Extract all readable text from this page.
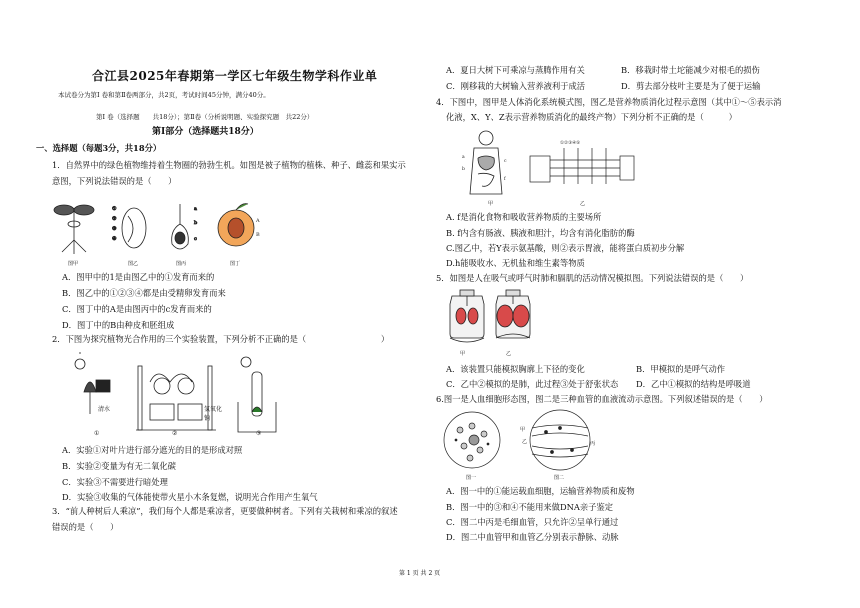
合江县2025年春期第一学区七年级生物学科作业单
本试卷分为第Ⅰ 卷和第Ⅱ卷两部分，共2页，考试时间45分钟，满分40分。
第Ⅰ 卷（选择题　　共18分）；第Ⅱ卷（分析说明题、实验探究题　共22分）
第Ⅰ部分（选择题共18分）
一、选择题（每题3分，共18分）
1．自然界中的绿色植物维持着生物圈的勃勃生机。如图是被子植物的植株、种子、雌蕊和果实示
意图，下列说法错误的是（　　）
①
②
③
④
a
b
c
A
B
图甲	图乙	图丙	图丁
A．图甲中的1是由图乙中的①发育而来的
B．图乙中的①②③④都是由受精卵发育而来
C．图丁中的A是由图丙中的c发育而来的
D．图丁中的B由种皮和胚组成
2．下图为探究植物光合作用的三个实验装置，下列分析不正确的是（　　　　　　　　　）
清水	氢氧化钠
①	②	③
A．实验①对叶片进行部分遮光的目的是形成对照
B．实验②变量为有无二氧化碳
C．实验③不需要进行暗处理
D．实验③收集的气体能使带火星小木条复燃，说明光合作用产生氧气
3．“前人种树后人乘凉”，我们每个人都是乘凉者，更要做种树者。下列有关栽树和乘凉的叙述
错误的是（　　）
A．夏日大树下可乘凉与蒸腾作用有关	B．移栽时带土坨能减少对根毛的损伤
C．刚移栽的大树输入营养液利于成活	D．剪去部分枝叶主要是为了便于运输
4．下图中，图甲是人体消化系统模式图，图乙是营养物质消化过程示意图（其中①～⑤表示消
化液，X、Y、Z表示营养物质消化的最终产物）下列分析不正确的是（　　　）
a
b
c
f
①②③④⑤
甲	乙
A. f是消化食物和吸收营养物质的主要场所
B. f内含有肠液、胰液和胆汁，均含有消化脂肪的酶
C.图乙中，若Y表示氨基酸，则②表示胃液，能将蛋白质初步分解
D.h能吸收水、无机盐和维生素等物质
5．如图是人在吸气或呼气时肺和膈肌的活动情况模拟图。下列说法错误的是（　　）
甲	乙
A．该装置只能模拟胸廓上下径的变化	B．甲模拟的是呼气动作
C．乙中②模拟的是肺，此过程③处于舒张状态 D．乙中①模拟的结构是呼吸道
6.图一是人血细胞形态图，图二是三种血管的血液流动示意图。下列叙述错误的是（　　）
图一	图二
甲
乙	丙
A．图一中的①能运载血细胞，运输营养物质和废物
B．图一中的③和④不能用来做DNA亲子鉴定
C．图二中丙是毛细血管，只允许②呈单行通过
D．图二中血管甲和血管乙分别表示静脉、动脉
第 1 页 共 2 页
